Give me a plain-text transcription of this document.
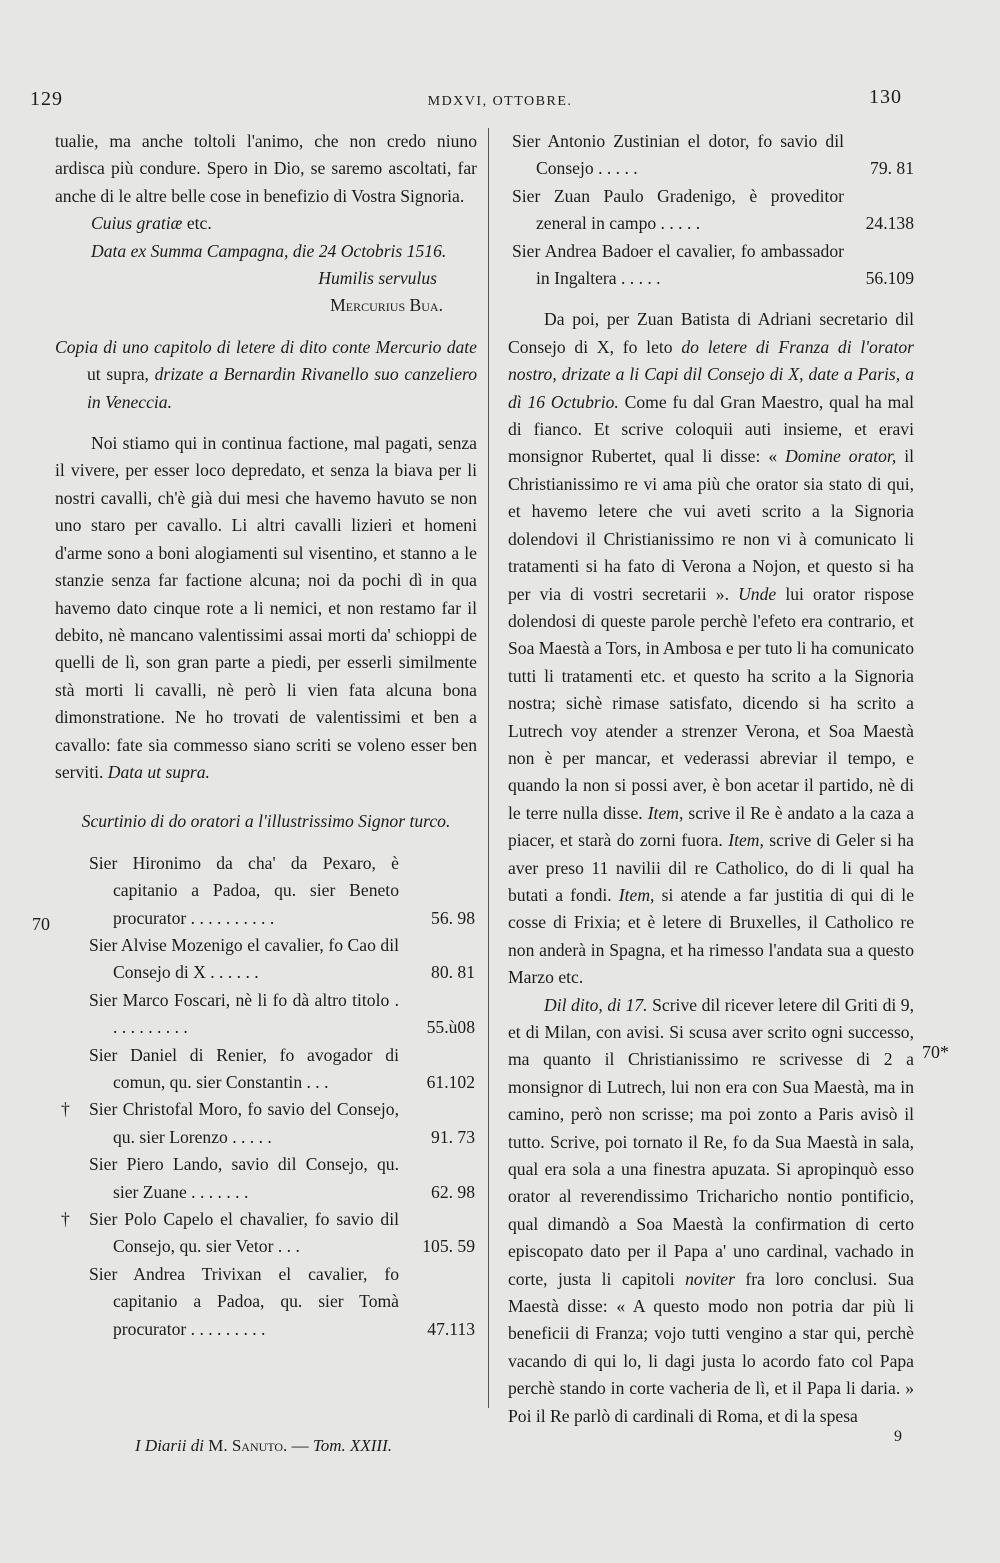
129	MDXVI, OTTOBRE.	130

tualie, ma anche toltoli l'animo, che non credo niuno ardisca più condure. Spero in Dio, se saremo ascoltati, far anche di le altre belle cose in benefizio di Vostra Signoria.

Cuius gratiæ etc.

Data ex Summa Campagna, die 24 Octobris 1516.

Humilis servulus

Mercurius Bua.

Copia di uno capitolo di letere di dito conte Mercurio date ut supra, drizate a Bernardin Rivanello suo canzeliero in Veneccia.

Noi stiamo qui in continua factione, mal pagati, senza il vivere, per esser loco depredato, et senza la biava per li nostri cavalli, ch'è già dui mesi che havemo havuto se non uno staro per cavallo. Li altri cavalli lizieri et homeni d'arme sono a boni alogiamenti sul visentino, et stanno a le stanzie senza far factione alcuna; noi da pochi dì in qua havemo dato cinque rote a li nemici, et non restamo far il debito, nè mancano valentissimi assai morti da' schioppi de quelli de lì, son gran parte a piedi, per esserli similmente stà morti li cavalli, nè però li vien fata alcuna bona dimonstratione. Ne ho trovati de valentissimi et ben a cavallo: fate sia commesso siano scriti se voleno esser ben serviti. Data ut supra.

Scurtinio di do oratori a l'illustrissimo Signor turco.

Sier Hironimo da cha' da Pexaro, è capitanio a Padoa, qu. sier Beneto procurator . . . . . . . . . .	56. 98

Sier Alvise Mozenigo el cavalier, fo Cao dil Consejo di X . . . . . .	80. 81

Sier Marco Foscari, nè li fo dà altro titolo . . . . . . . . . .	55.ù08

Sier Daniel di Renier, fo avogador di comun, qu. sier Constantin . . .	61.102

† Sier Christofal Moro, fo savio del Consejo, qu. sier Lorenzo . . . . .	91. 73

Sier Piero Lando, savio dil Consejo, qu. sier Zuane . . . . . . .	62. 98

† Sier Polo Capelo el chavalier, fo savio dil Consejo, qu. sier Vetor . . .	105. 59

Sier Andrea Trivixan el cavalier, fo capitanio a Padoa, qu. sier Tomà procurator . . . . . . . . .	47.113

70

Sier Antonio Zustinian el dotor, fo savio dil Consejo . . . . .	79. 81

Sier Zuan Paulo Gradenigo, è proveditor zeneral in campo . . . . .	24.138

Sier Andrea Badoer el cavalier, fo ambassador in Ingaltera . . . . .	56.109

Da poi, per Zuan Batista di Adriani secretario dil Consejo di X, fo leto do letere di Franza di l'orator nostro, drizate a li Capi dil Consejo di X, date a Paris, a dì 16 Octubrio. Come fu dal Gran Maestro, qual ha mal di fianco. Et scrive coloquii auti insieme, et eravi monsignor Rubertet, qual li disse: « Domine orator, il Christianissimo re vi ama più che orator sia stato di qui, et havemo letere che vui aveti scrito a la Signoria dolendovi il Christianissimo re non vi à comunicato li tratamenti si ha fato di Verona a Nojon, et questo si ha per via di vostri secretarii ». Unde lui orator rispose dolendosi di queste parole perchè l'efeto era contrario, et Soa Maestà a Tors, in Ambosa e per tuto li ha comunicato tutti li tratamenti etc. et questo ha scrito a la Signoria nostra; sichè rimase satisfato, dicendo si ha scrito a Lutrech voy atender a strenzer Verona, et Soa Maestà non è per mancar, et vederassi abreviar il tempo, e quando la non si possi aver, è bon acetar il partido, nè di le terre nulla disse. Item, scrive il Re è andato a la caza a piacer, et starà do zorni fuora. Item, scrive di Geler si ha aver preso 11 navilii dil re Catholico, do di li qual ha butati a fondi. Item, si atende a far justitia di qui di le cosse di Frixia; et è letere di Bruxelles, il Catholico re non anderà in Spagna, et ha rimesso l'andata sua a questo Marzo etc.

Dil dito, di 17. Scrive dil ricever letere dil Griti di 9, et di Milan, con avisi. Si scusa aver scrito ogni successo, ma quanto il Christianissimo re scrivesse di 2 a monsignor di Lutrech, lui non era con Sua Maestà, ma in camino, però non scrisse; ma poi zonto a Paris avisò il tutto. Scrive, poi tornato il Re, fo da Sua Maestà in sala, qual era sola a una finestra apuzata. Si apropinquò esso orator al reverendissimo Tricharicho nontio pontificio, qual dimandò a Soa Maestà la confirmation di certo episcopato dato per il Papa a' uno cardinal, vachado in corte, justa li capitoli noviter fra loro conclusi. Sua Maestà disse: « A questo modo non potria dar più li beneficii di Franza; vojo tutti vengino a star qui, perchè vacando di qui lo, li dagi justa lo acordo fato col Papa perchè stando in corte vacheria de lì, et il Papa li daria. » Poi il Re parlò di cardinali di Roma, et di la spesa

70*
I Diarii di M. Sanuto. — Tom. XXIII.	9
